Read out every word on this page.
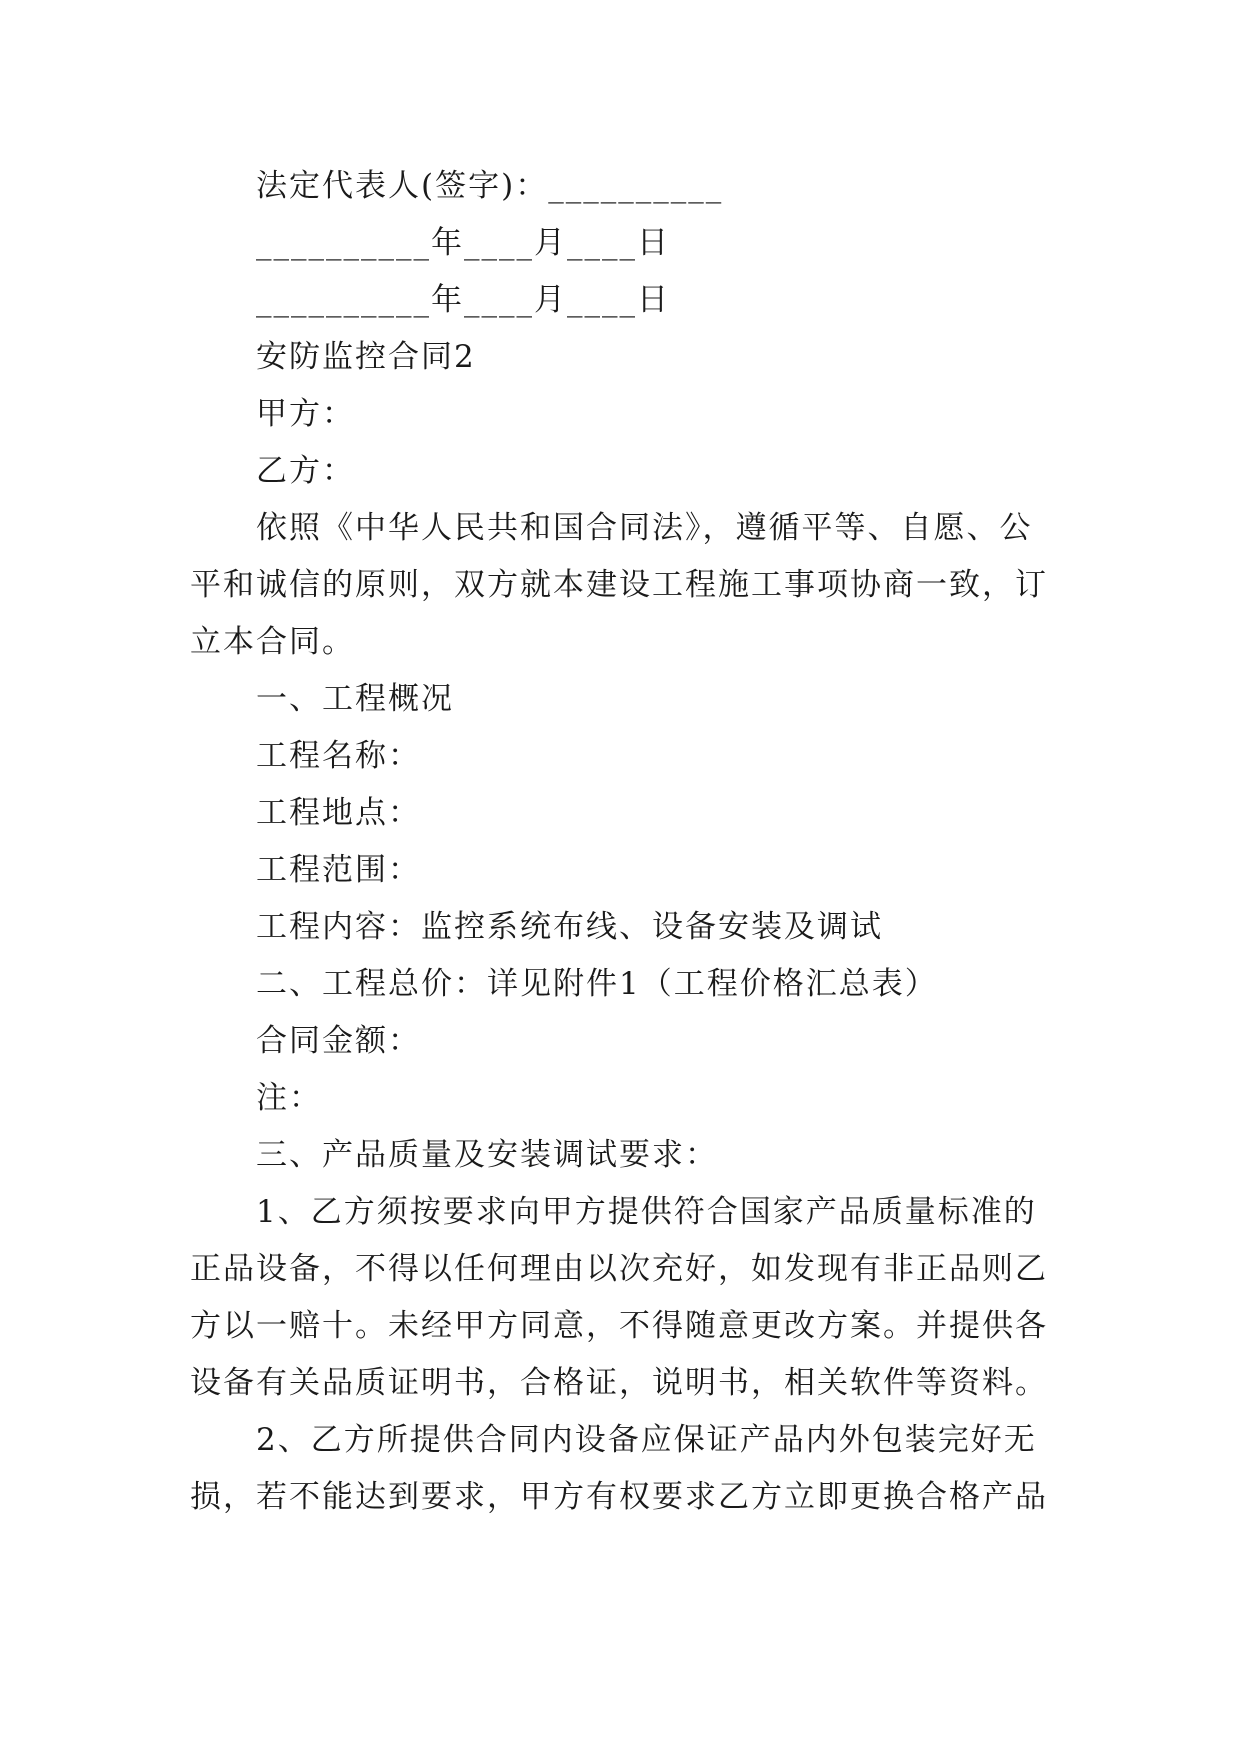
法定代表人(签字)：__________
__________年____月____日
__________年____月____日
安防监控合同2
甲方：
乙方：
依照《中华人民共和国合同法》，遵循平等、自愿、公
平和诚信的原则，双方就本建设工程施工事项协商一致，订
立本合同。
一、工程概况
工程名称：
工程地点：
工程范围：
工程内容：监控系统布线、设备安装及调试
二、工程总价：详见附件1（工程价格汇总表）
合同金额：
注：
三、产品质量及安装调试要求：
1、乙方须按要求向甲方提供符合国家产品质量标准的
正品设备，不得以任何理由以次充好，如发现有非正品则乙
方以一赔十。未经甲方同意，不得随意更改方案。并提供各
设备有关品质证明书，合格证，说明书，相关软件等资料。
2、乙方所提供合同内设备应保证产品内外包装完好无
损，若不能达到要求，甲方有权要求乙方立即更换合格产品
